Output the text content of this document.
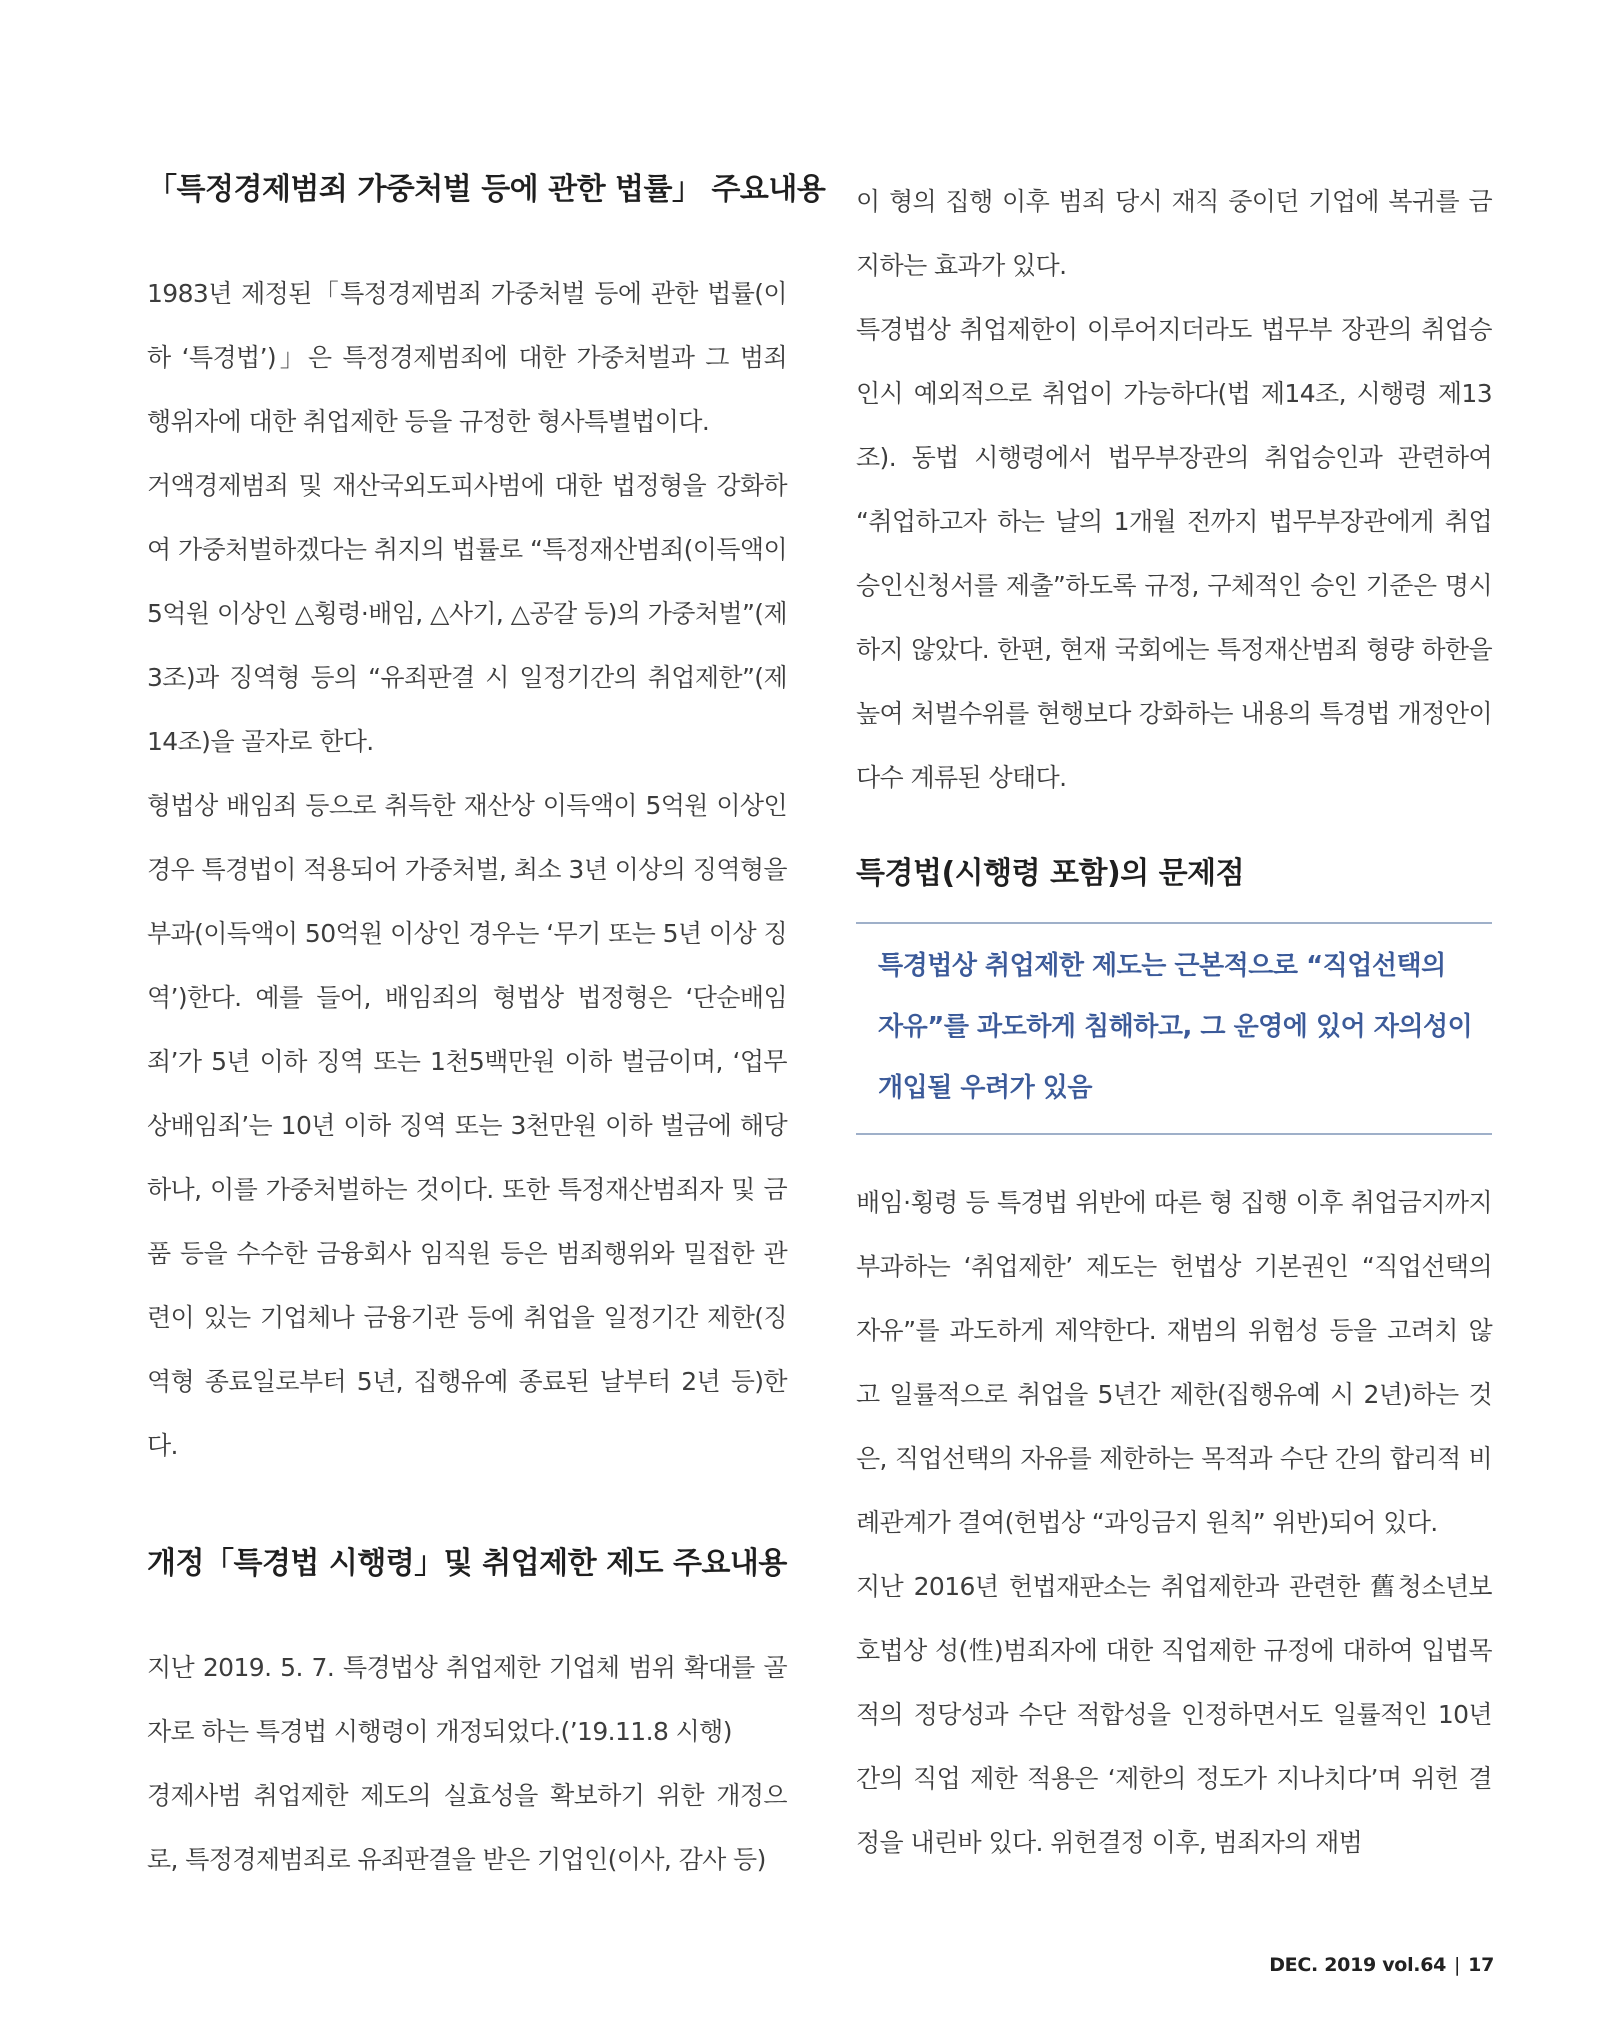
「특정경제범죄 가중처벌 등에 관한 법률」 주요내용

1983년 제정된「특정경제범죄 가중처벌 등에 관한 법률(이하 ‘특경법’)」은 특정경제범죄에 대한 가중처벌과 그 범죄 행위자에 대한 취업제한 등을 규정한 형사특별법이다.

거액경제범죄 및 재산국외도피사범에 대한 법정형을 강화하여 가중처벌하겠다는 취지의 법률로 “특정재산범죄(이득액이 5억원 이상인 △횡령·배임, △사기, △공갈 등)의 가중처벌”(제3조)과 징역형 등의 “유죄판결 시 일정기간의 취업제한”(제14조)을 골자로 한다.

형법상 배임죄 등으로 취득한 재산상 이득액이 5억원 이상인 경우 특경법이 적용되어 가중처벌, 최소 3년 이상의 징역형을 부과(이득액이 50억원 이상인 경우는 ‘무기 또는 5년 이상 징역’)한다. 예를 들어, 배임죄의 형법상 법정형은 ‘단순배임죄’가 5년 이하 징역 또는 1천5백만원 이하 벌금이며, ‘업무상배임죄’는 10년 이하 징역 또는 3천만원 이하 벌금에 해당하나, 이를 가중처벌하는 것이다. 또한 특정재산범죄자 및 금품 등을 수수한 금융회사 임직원 등은 범죄행위와 밀접한 관련이 있는 기업체나 금융기관 등에 취업을 일정기간 제한(징역형 종료일로부터 5년, 집행유예 종료된 날부터 2년 등)한다.

개정「특경법 시행령」및 취업제한 제도 주요내용

지난 2019. 5. 7. 특경법상 취업제한 기업체 범위 확대를 골자로 하는 특경법 시행령이 개정되었다.(’19.11.8 시행)

경제사범 취업제한 제도의 실효성을 확보하기 위한 개정으로, 특정경제범죄로 유죄판결을 받은 기업인(이사, 감사 등)

이 형의 집행 이후 범죄 당시 재직 중이던 기업에 복귀를 금지하는 효과가 있다.

특경법상 취업제한이 이루어지더라도 법무부 장관의 취업승인시 예외적으로 취업이 가능하다(법 제14조, 시행령 제13조). 동법 시행령에서 법무부장관의 취업승인과 관련하여 “취업하고자 하는 날의 1개월 전까지 법무부장관에게 취업승인신청서를 제출”하도록 규정, 구체적인 승인 기준은 명시하지 않았다. 한편, 현재 국회에는 특정재산범죄 형량 하한을 높여 처벌수위를 현행보다 강화하는 내용의 특경법 개정안이 다수 계류된 상태다.

특경법(시행령 포함)의 문제점

특경법상 취업제한 제도는 근본적으로 “직업선택의 자유”를 과도하게 침해하고, 그 운영에 있어 자의성이 개입될 우려가 있음

배임·횡령 등 특경법 위반에 따른 형 집행 이후 취업금지까지 부과하는 ‘취업제한’ 제도는 헌법상 기본권인 “직업선택의 자유”를 과도하게 제약한다. 재범의 위험성 등을 고려치 않고 일률적으로 취업을 5년간 제한(집행유예 시 2년)하는 것은, 직업선택의 자유를 제한하는 목적과 수단 간의 합리적 비례관계가 결여(헌법상 “과잉금지 원칙” 위반)되어 있다.

지난 2016년 헌법재판소는 취업제한과 관련한 舊청소년보호법상 성(性)범죄자에 대한 직업제한 규정에 대하여 입법목적의 정당성과 수단 적합성을 인정하면서도 일률적인 10년 간의 직업 제한 적용은 ‘제한의 정도가 지나치다’며 위헌 결정을 내린바 있다. 위헌결정 이후, 범죄자의 재범

DEC. 2019 vol.64 | 17
